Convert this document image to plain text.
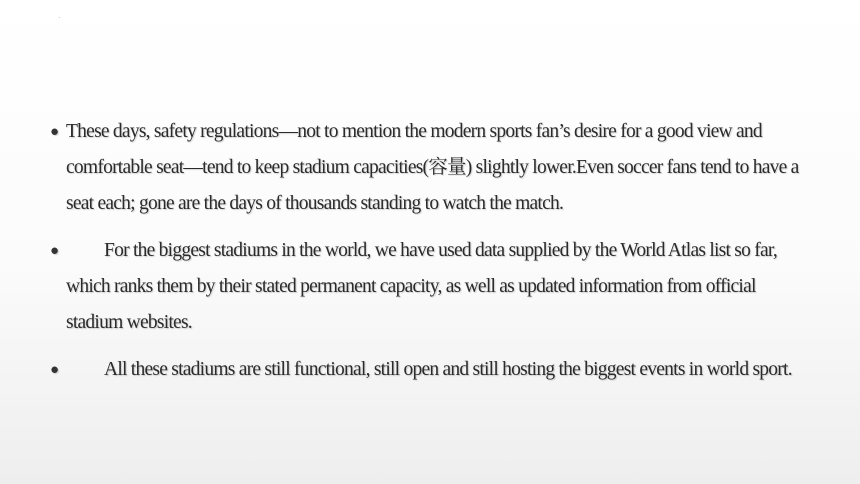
·

● These days, safety regulations—not to mention the modern sports fan’s desire for a good view and comfortable seat—tend to keep stadium capacities(容量) slightly lower.Even soccer fans tend to have a seat each; gone are the days of thousands standing to watch the match.

● For the biggest stadiums in the world, we have used data supplied by the World Atlas list so far, which ranks them by their stated permanent capacity, as well as updated information from official stadium websites.

● All these stadiums are still functional, still open and still hosting the biggest events in world sport.
